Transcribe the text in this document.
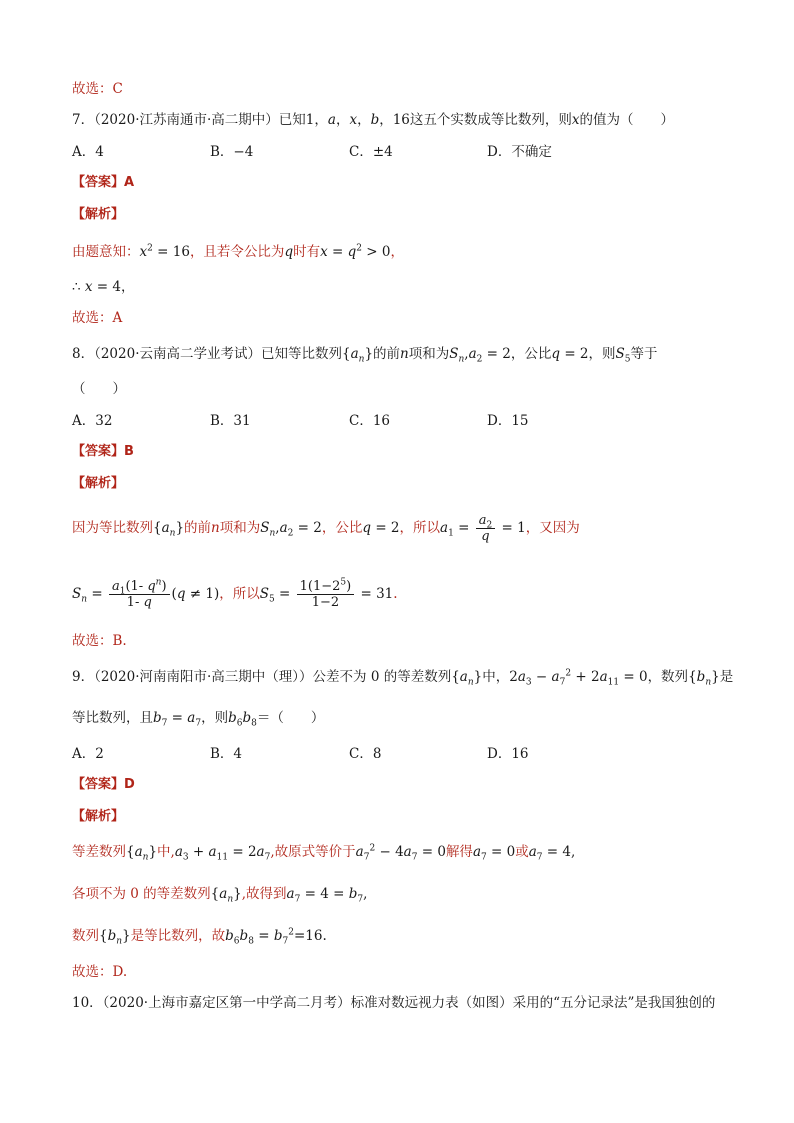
故选：C
7．（2020·江苏南通市·高二期中）已知1，a，x，b，16这五个实数成等比数列，则x的值为（　　）
A．4	B．−4	C．±4	D．不确定
【答案】A
【解析】
由题意知：$x^2 = 16$，且若令公比为q时有$x = q^2 > 0$，
∴ x = 4，
故选：A
8．（2020·云南高二学业考试）已知等比数列$\{a_n\}$的前n项和为$S_n,a_2 = 2$，公比q = 2，则$S_5$等于
（　　）
A．32	B．31	C．16	D．15
【答案】B
【解析】
因为等比数列$\{a_n\}$的前n项和为$S_n,a_2 = 2$，公比q = 2，所以$a_1 = \frac{a_2}{q} = 1$，又因为
$S_n = \frac{a_1(1- q^n)}{1- q} (q \ne 1)$，所以$S_5 = \frac{1(1-2^5)}{1-2} = 31$.
故选：B.
9．（2020·河南南阳市·高三期中（理））公差不为 0 的等差数列$\{a_n\}$中，$2a_3 - a_7^2 + 2a_{11} = 0$，数列$\{b_n\}$是
等比数列，且$b_7 = a_7$，则$b_6b_8=$（　　）
A．2	B．4	C．8	D．16
【答案】D
【解析】
等差数列$\{a_n\}$中$,a_3 + a_{11} = 2a_7$,故原式等价于$a_7^2 - 4a_7 = 0$解得$a_7 = 0$或$a_7 = 4$,
各项不为 0 的等差数列$\{a_n\}$,故得到$a_7 = 4 = b_7$,
数列$\{b_n\}$是等比数列，故$b_6b_8 = b_7^2=16$.
故选：D.
10．（2020·上海市嘉定区第一中学高二月考）标准对数远视力表（如图）采用的“五分记录法”是我国独创的
